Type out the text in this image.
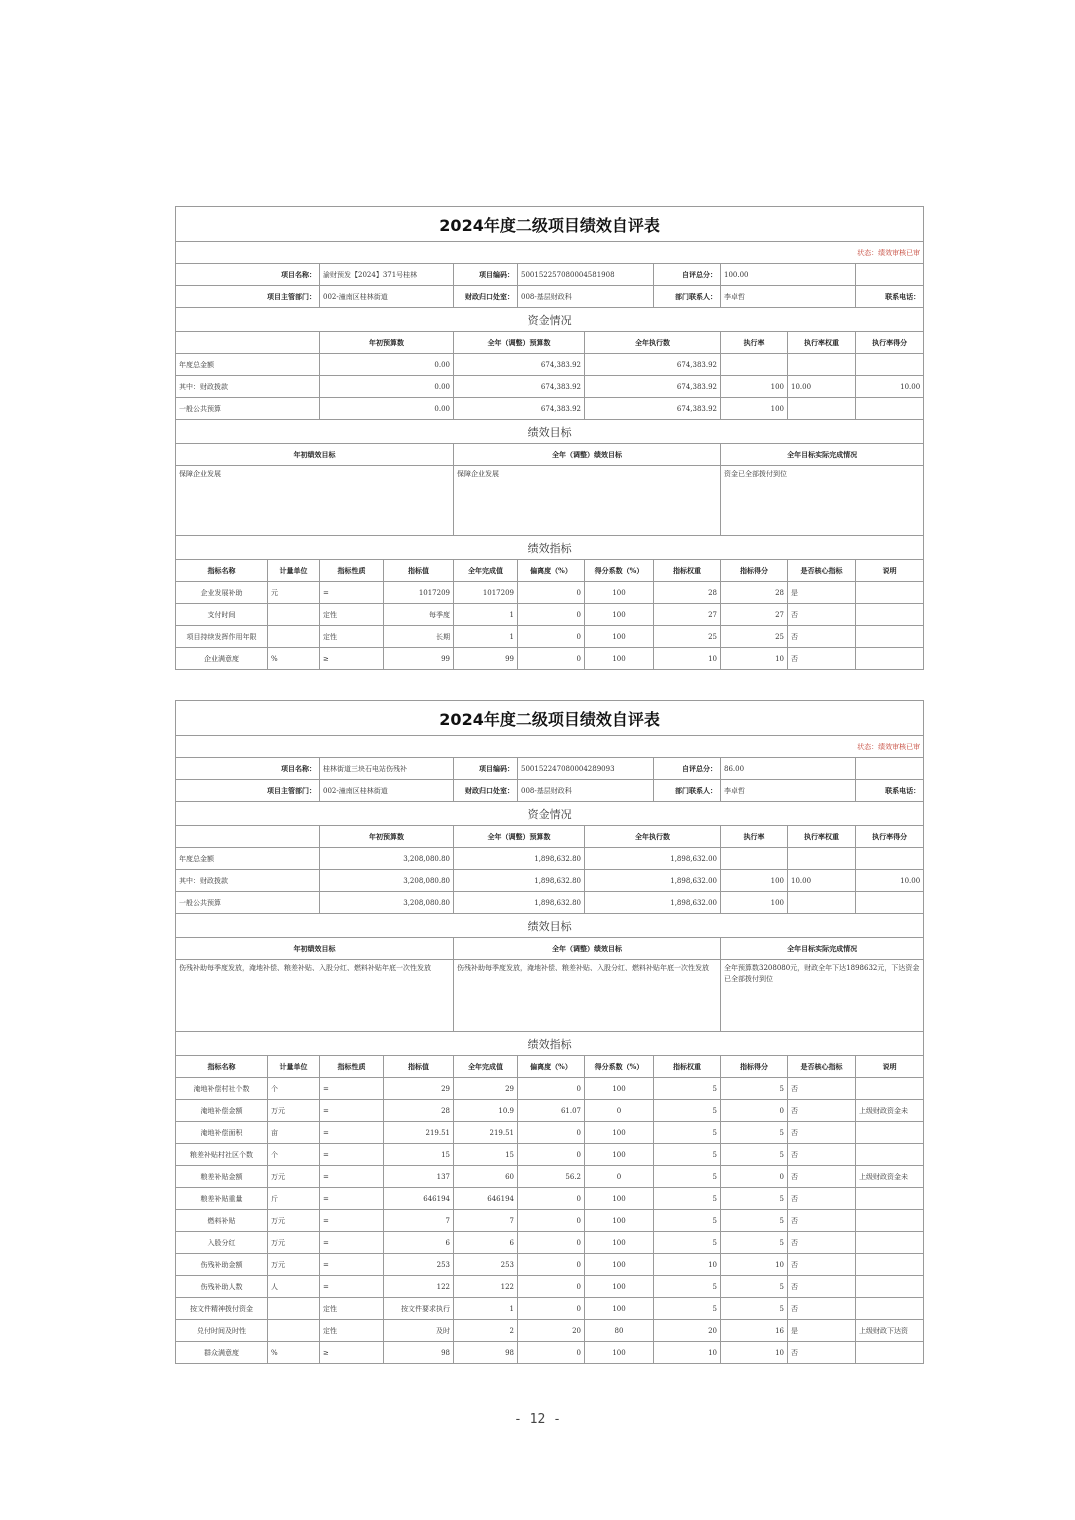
2024年度二级项目绩效自评表											
状态：绩效审核已审											
项目名称：		渝财预发【2024】371号桂林		项目编码：	500152257080004581908		自评总分：	100.00			
项目主管部门：		002-潼南区桂林街道		财政归口处室：	008-基层财政科		部门联系人：	李卓哲		联系电话：	
资金情况											
		年初预算数		全年（调整）预算数		全年执行数		执行率	执行率权重	执行率得分	
年度总金额		0.00		674,383.92		674,383.92					
其中：财政拨款		0.00		674,383.92		674,383.92		100	10.00	10.00	
一般公共预算		0.00		674,383.92		674,383.92		100			
绩效目标											
年初绩效目标				全年（调整）绩效目标				全年目标实际完成情况			
保障企业发展				保障企业发展				资金已全部拨付到位			
绩效指标											
指标名称	计量单位	指标性质	指标值	全年完成值	偏离度（%）	得分系数（%）	指标权重	指标得分	是否核心指标	说明	
企业发展补助	元	=	1017209	1017209	0	100	28	28	是		
支付时间		定性	每季度	1	0	100	27	27	否		
项目持续发挥作用年限		定性	长期	1	0	100	25	25	否		
企业满意度	%	≥	99	99	0	100	10	10	否		
2024年度二级项目绩效自评表											
状态：绩效审核已审											
项目名称：		桂林街道三块石电站伤残补		项目编码：	500152247080004289093		自评总分：	86.00			
项目主管部门：		002-潼南区桂林街道		财政归口处室：	008-基层财政科		部门联系人：	李卓哲		联系电话：	
资金情况											
		年初预算数		全年（调整）预算数		全年执行数		执行率	执行率权重	执行率得分	
年度总金额		3,208,080.80		1,898,632.80		1,898,632.00					
其中：财政拨款		3,208,080.80		1,898,632.80		1,898,632.00		100	10.00	10.00	
一般公共预算		3,208,080.80		1,898,632.80		1,898,632.00		100			
绩效目标											
年初绩效目标				全年（调整）绩效目标				全年目标实际完成情况			
伤残补助每季度发放，淹地补偿、粮差补贴、入股分红、燃料补贴年底一次性发放				伤残补助每季度发放，淹地补偿、粮差补贴、入股分红、燃料补贴年底一次性发放				全年预算数3208080元，财政全年下达1898632元，下达资金已全部拨付到位			
绩效指标											
指标名称	计量单位	指标性质	指标值	全年完成值	偏离度（%）	得分系数（%）	指标权重	指标得分	是否核心指标	说明	
淹地补偿村社个数	个	=	29	29	0	100	5	5	否		
淹地补偿金额	万元	=	28	10.9	61.07	0	5	0	否	上级财政资金未	
淹地补偿面积	亩	=	219.51	219.51	0	100	5	5	否		
粮差补贴村社区个数	个	=	15	15	0	100	5	5	否		
粮差补贴金额	万元	=	137	60	56.2	0	5	0	否	上级财政资金未	
粮差补贴重量	斤	=	646194	646194	0	100	5	5	否		
燃料补贴	万元	=	7	7	0	100	5	5	否		
入股分红	万元	=	6	6	0	100	5	5	否		
伤残补助金额	万元	=	253	253	0	100	10	10	否		
伤残补助人数	人	=	122	122	0	100	5	5	否		
按文件精神拨付资金		定性	按文件要求执行	1	0	100	5	5	否		
兑付时间及时性		定性	及时	2	20	80	20	16	是	上级财政下达资	
群众满意度	%	≥	98	98	0	100	10	10	否		
- 12 -
